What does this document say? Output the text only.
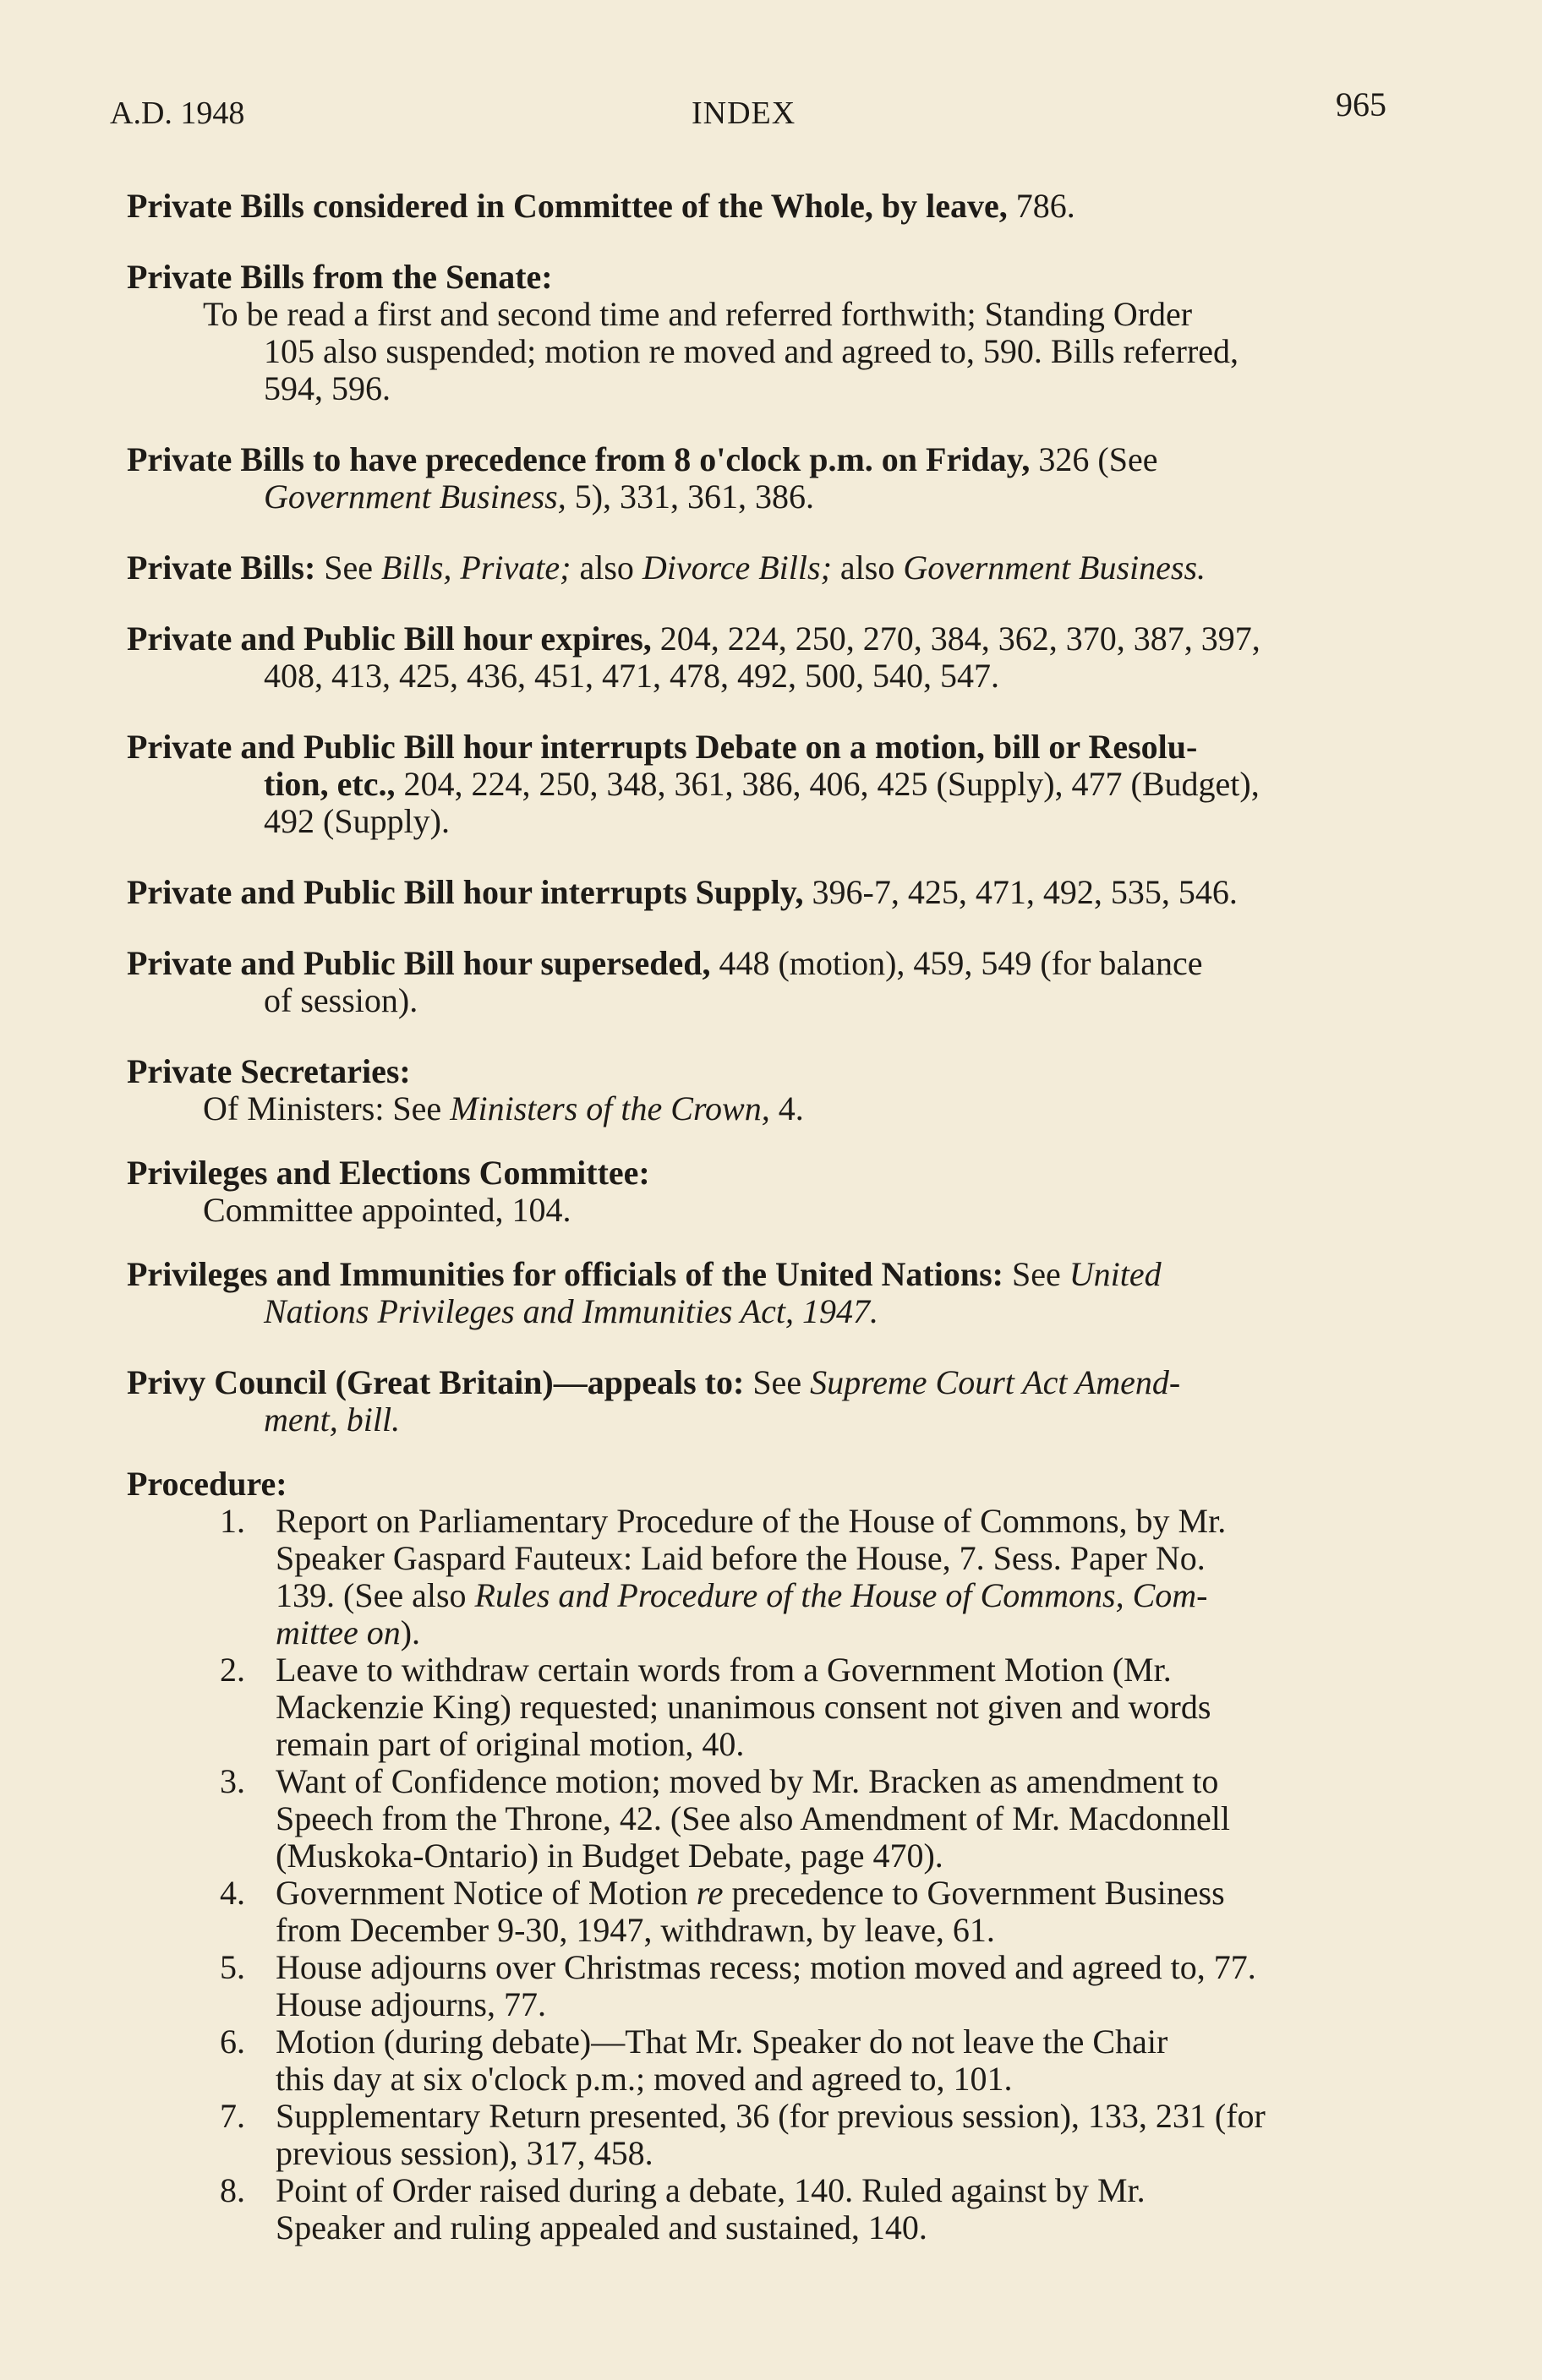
A.D. 1948	INDEX	965
Private Bills considered in Committee of the Whole, by leave, 786.
Private Bills from the Senate:
To be read a first and second time and referred forthwith; Standing Order
105 also suspended; motion re moved and agreed to, 590. Bills referred,
594, 596.
Private Bills to have precedence from 8 o'clock p.m. on Friday, 326 (See
Government Business, 5), 331, 361, 386.
Private Bills: See Bills, Private; also Divorce Bills; also Government Business.
Private and Public Bill hour expires, 204, 224, 250, 270, 384, 362, 370, 387, 397,
408, 413, 425, 436, 451, 471, 478, 492, 500, 540, 547.
Private and Public Bill hour interrupts Debate on a motion, bill or Resolu-
tion, etc., 204, 224, 250, 348, 361, 386, 406, 425 (Supply), 477 (Budget),
492 (Supply).
Private and Public Bill hour interrupts Supply, 396-7, 425, 471, 492, 535, 546.
Private and Public Bill hour superseded, 448 (motion), 459, 549 (for balance
of session).
Private Secretaries:
Of Ministers: See Ministers of the Crown, 4.
Privileges and Elections Committee:
Committee appointed, 104.
Privileges and Immunities for officials of the United Nations: See United
Nations Privileges and Immunities Act, 1947.
Privy Council (Great Britain)—appeals to: See Supreme Court Act Amend-
ment, bill.
Procedure:
1. Report on Parliamentary Procedure of the House of Commons, by Mr.
Speaker Gaspard Fauteux: Laid before the House, 7. Sess. Paper No.
139. (See also Rules and Procedure of the House of Commons, Com-
mittee on).
2. Leave to withdraw certain words from a Government Motion (Mr.
Mackenzie King) requested; unanimous consent not given and words
remain part of original motion, 40.
3. Want of Confidence motion; moved by Mr. Bracken as amendment to
Speech from the Throne, 42. (See also Amendment of Mr. Macdonnell
(Muskoka-Ontario) in Budget Debate, page 470).
4. Government Notice of Motion re precedence to Government Business
from December 9-30, 1947, withdrawn, by leave, 61.
5. House adjourns over Christmas recess; motion moved and agreed to, 77.
House adjourns, 77.
6. Motion (during debate)—That Mr. Speaker do not leave the Chair
this day at six o'clock p.m.; moved and agreed to, 101.
7. Supplementary Return presented, 36 (for previous session), 133, 231 (for
previous session), 317, 458.
8. Point of Order raised during a debate, 140. Ruled against by Mr.
Speaker and ruling appealed and sustained, 140.
